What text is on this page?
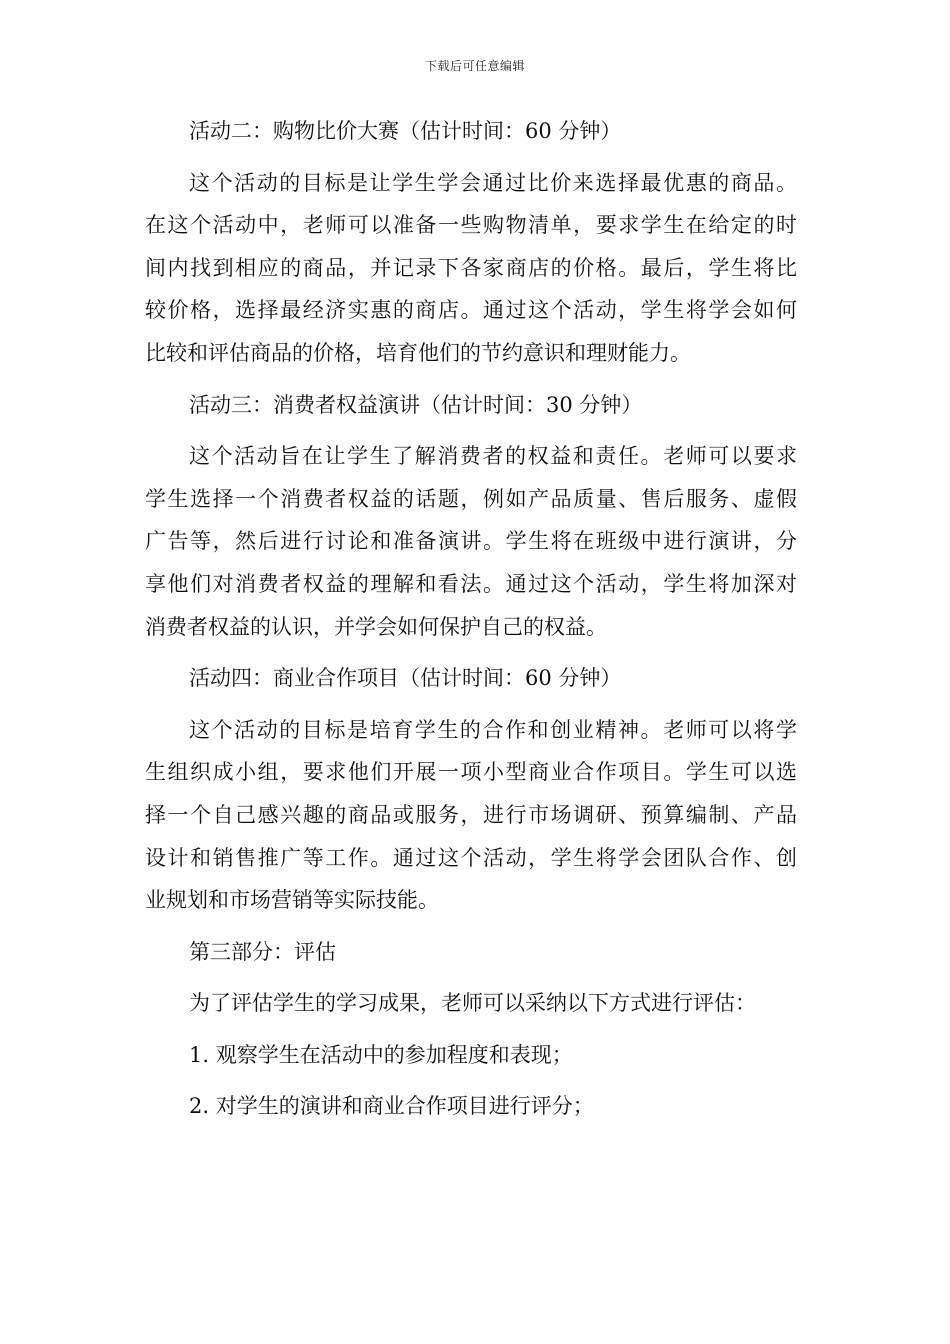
下载后可任意编辑
活动二：购物比价大赛（估计时间：60 分钟）
这个活动的目标是让学生学会通过比价来选择最优惠的商品。
在这个活动中，老师可以准备一些购物清单，要求学生在给定的时
间内找到相应的商品，并记录下各家商店的价格。最后，学生将比
较价格，选择最经济实惠的商店。通过这个活动，学生将学会如何
比较和评估商品的价格，培育他们的节约意识和理财能力。
活动三：消费者权益演讲（估计时间：30 分钟）
这个活动旨在让学生了解消费者的权益和责任。老师可以要求
学生选择一个消费者权益的话题，例如产品质量、售后服务、虚假
广告等，然后进行讨论和准备演讲。学生将在班级中进行演讲，分
享他们对消费者权益的理解和看法。通过这个活动，学生将加深对
消费者权益的认识，并学会如何保护自己的权益。
活动四：商业合作项目（估计时间：60 分钟）
这个活动的目标是培育学生的合作和创业精神。老师可以将学
生组织成小组，要求他们开展一项小型商业合作项目。学生可以选
择一个自己感兴趣的商品或服务，进行市场调研、预算编制、产品
设计和销售推广等工作。通过这个活动，学生将学会团队合作、创
业规划和市场营销等实际技能。
第三部分：评估
为了评估学生的学习成果，老师可以采纳以下方式进行评估：
1. 观察学生在活动中的参加程度和表现；
2. 对学生的演讲和商业合作项目进行评分；
